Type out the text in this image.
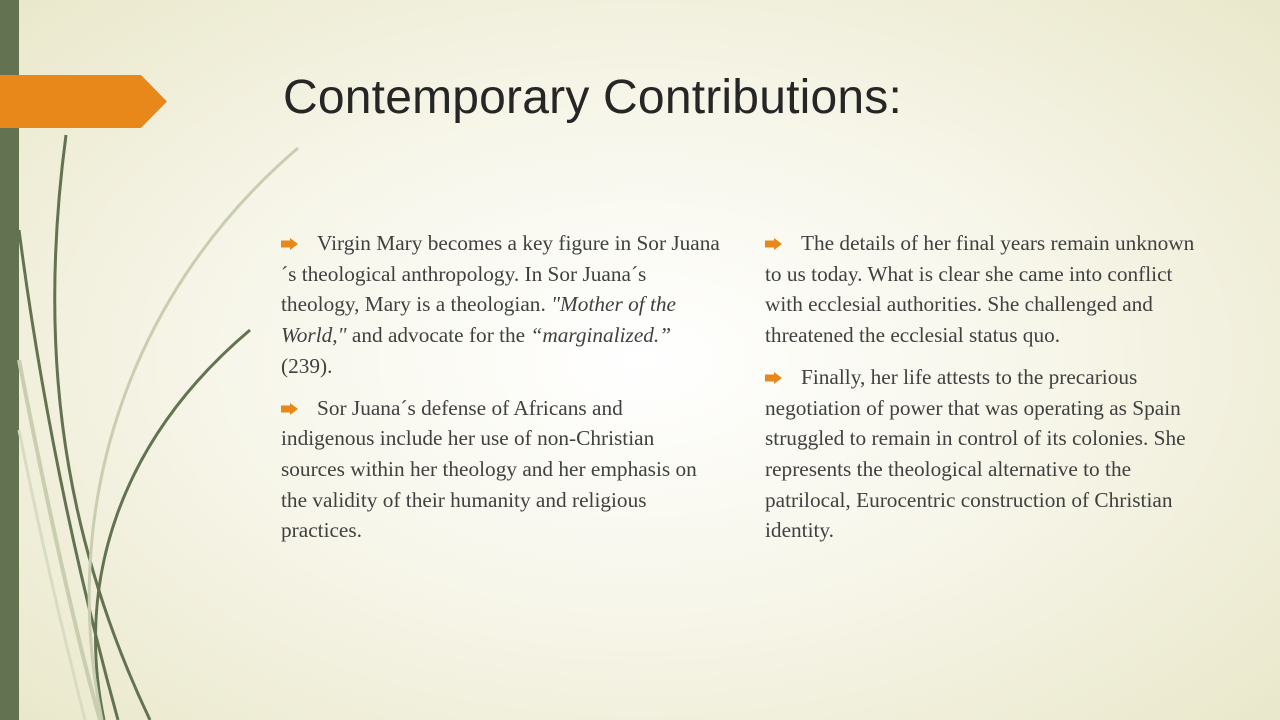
Contemporary Contributions:

Virgin Mary becomes a key figure in Sor Juana´s theological anthropology. In Sor Juana´s theology, Mary is a theologian. "Mother of the World," and advocate for the “marginalized.” (239).

Sor Juana´s defense of Africans and indigenous include her use of non-Christian sources within her theology and her emphasis on the validity of their humanity and religious practices.

The details of her final years remain unknown to us today. What is clear she came into conflict with ecclesial authorities. She challenged and threatened the ecclesial status quo.

Finally, her life attests to the precarious negotiation of power that was operating as Spain struggled to remain in control of its colonies. She represents the theological alternative to the patrilocal, Eurocentric construction of Christian identity.
